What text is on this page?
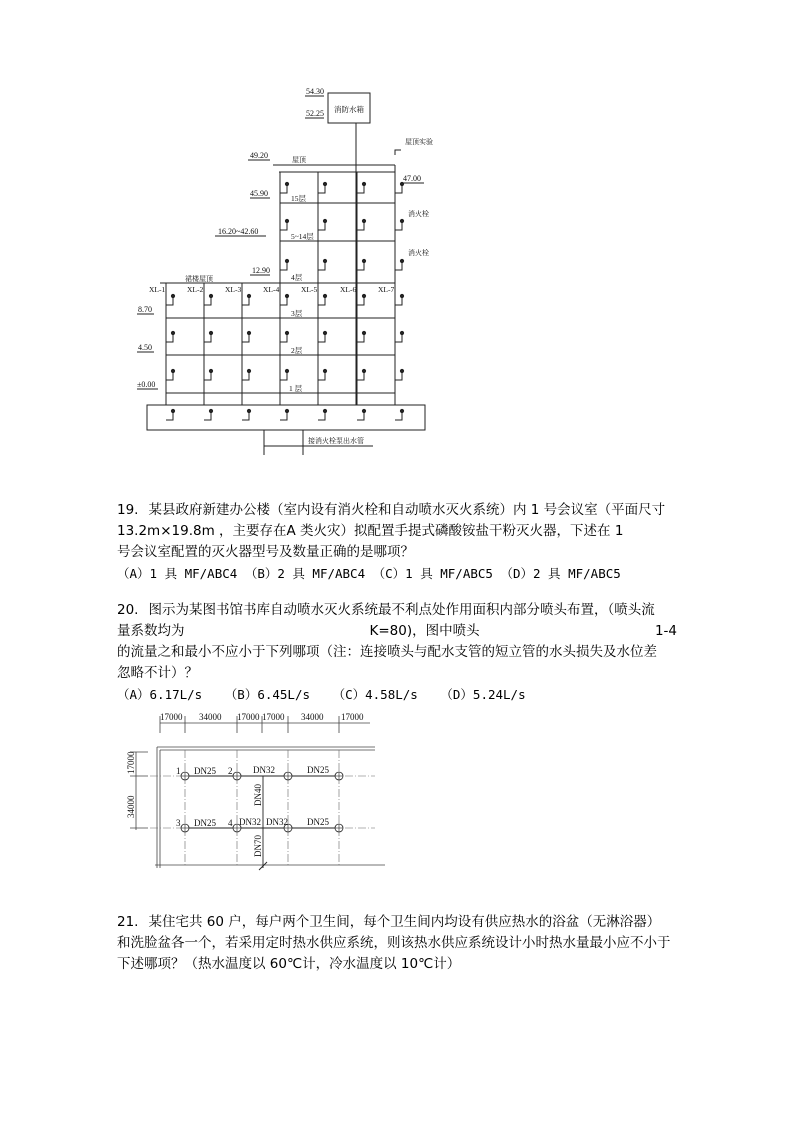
54.30
52.25 消防水箱
屋顶实验
49.20	屋顶
47.00
45.90
15层
消火栓
16.20~42.60
5~14层
消火栓
裙楼屋顶
12.90
4层
XL-1	XL-2	XL-3	XL-4	XL-5	XL-6	XL-7
8.70	3层
4.50	2层
±0.00	1 层
接消火栓泵出水管

19. 某县政府新建办公楼（室内设有消火栓和自动喷水灭火系统）内 1 号会议室（平面尺寸

13.2m×19.8m ，主要存在A 类火灾）拟配置手提式磷酸铵盐干粉灭火器，下述在 1

号会议室配置的灭火器型号及数量正确的是哪项？

（A）1 具 MF/ABC4 （B）2 具 MF/ABC4 （C）1 具 MF/ABC5 （D）2 具 MF/ABC5

20. 图示为某图书馆书库自动喷水灭火系统最不利点处作用面积内部分喷头布置，（喷头流

量系数均为	K=80)，图中喷头	1-4

的流量之和最小不应小于下列哪项（注：连接喷头与配水支管的短立管的水头损失及水位差

忽略不计）？

（A）6.17L/s （B）6.45L/s （C）4.58L/s （D）5.24L/s

17000 34000 17000 17000 34000 17000
17000
34000
1	2
3	4
DN25	DN32	DN25
DN25	DN32 DN32 DN25
DN40
DN70

21. 某住宅共 60 户，每户两个卫生间，每个卫生间内均设有供应热水的浴盆（无淋浴器）

和洗脸盆各一个，若采用定时热水供应系统，则该热水供应系统设计小时热水量最小应不小于

下述哪项？（热水温度以 60℃计，冷水温度以 10℃计）
